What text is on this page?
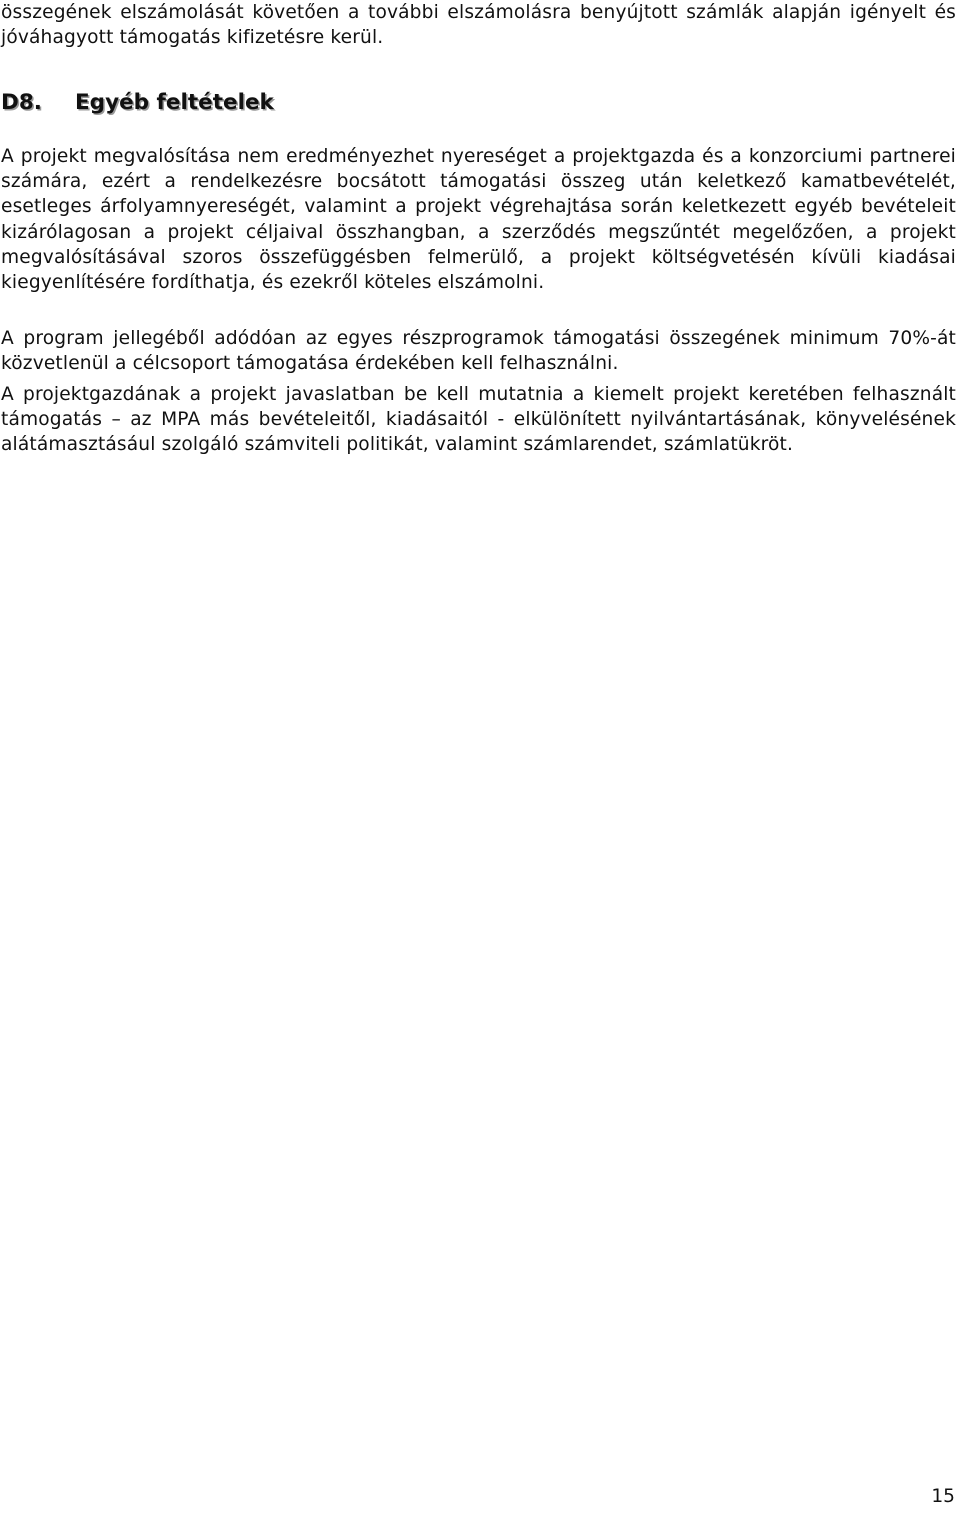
összegének elszámolását követően a további elszámolásra benyújtott számlák alapján igényelt és jóváhagyott támogatás kifizetésre kerül.

D8. Egyéb feltételek

A projekt megvalósítása nem eredményezhet nyereséget a projektgazda és a konzorciumi partnerei számára, ezért a rendelkezésre bocsátott támogatási összeg után keletkező kamatbevételét, esetleges árfolyamnyereségét, valamint a projekt végrehajtása során keletkezett egyéb bevételeit kizárólagosan a projekt céljaival összhangban, a szerződés megszűntét megelőzően, a projekt megvalósításával szoros összefüggésben felmerülő, a projekt költségvetésén kívüli kiadásai kiegyenlítésére fordíthatja, és ezekről köteles elszámolni.

A program jellegéből adódóan az egyes részprogramok támogatási összegének minimum 70%-át közvetlenül a célcsoport támogatása érdekében kell felhasználni.

A projektgazdának a projekt javaslatban be kell mutatnia a kiemelt projekt keretében felhasznált támogatás – az MPA más bevételeitől, kiadásaitól - elkülönített nyilvántartásának, könyvelésének alátámasztásául szolgáló számviteli politikát, valamint számlarendet, számlatükröt.

15
